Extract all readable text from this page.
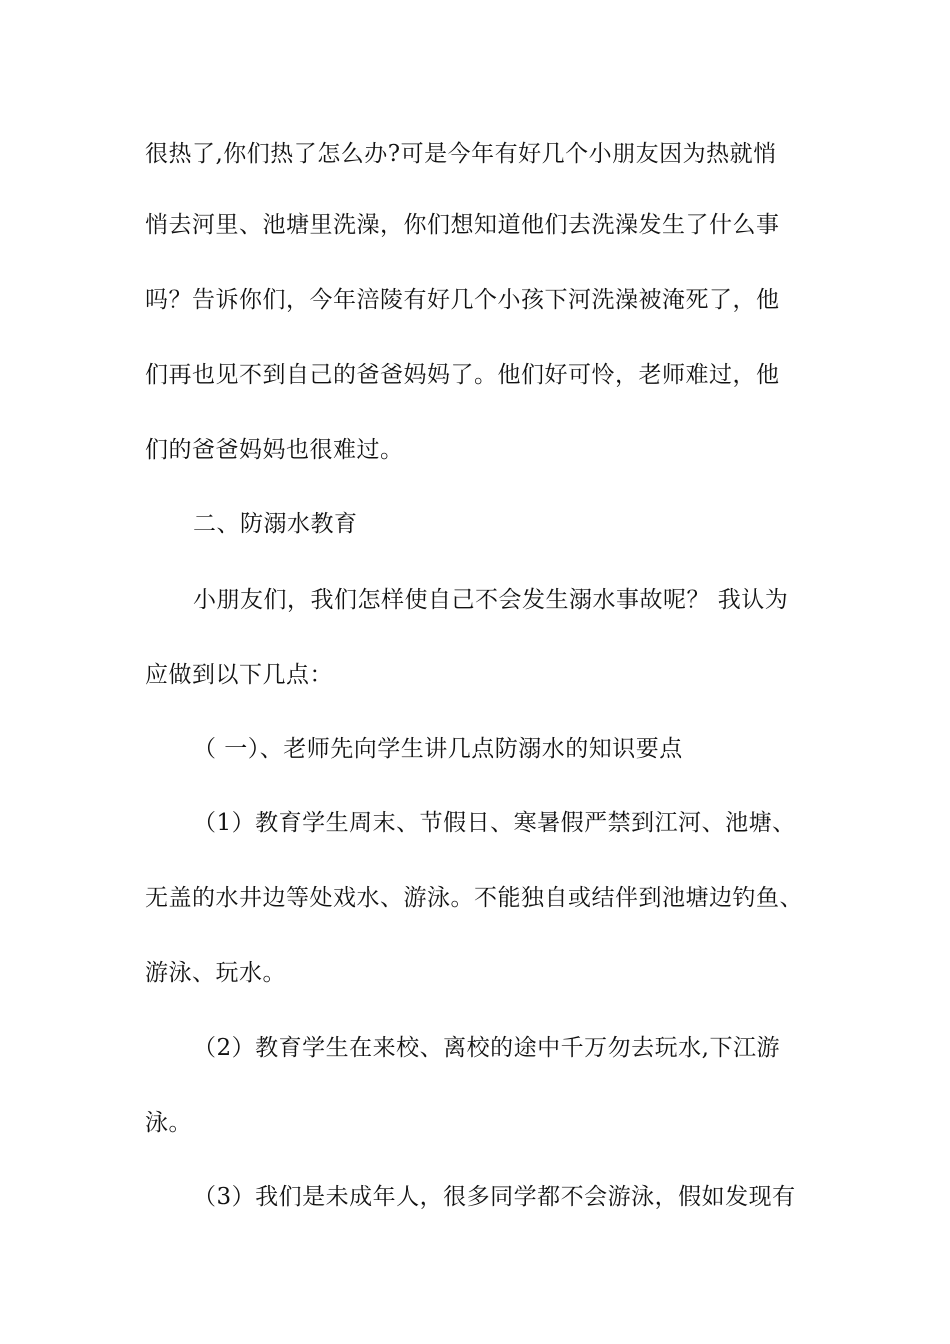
很热了,你们热了怎么办?可是今年有好几个小朋友因为热就悄
悄去河里、池塘里洗澡，你们想知道他们去洗澡发生了什么事
吗？告诉你们，今年涪陵有好几个小孩下河洗澡被淹死了，他
们再也见不到自己的爸爸妈妈了。他们好可怜，老师难过，他
们的爸爸妈妈也很难过。
二、防溺水教育
小朋友们，我们怎样使自己不会发生溺水事故呢？ 我认为
应做到以下几点：
（ 一）、老师先向学生讲几点防溺水的知识要点
（1）教育学生周末、节假日、寒暑假严禁到江河、池塘、
无盖的水井边等处戏水、游泳。不能独自或结伴到池塘边钓鱼、
游泳、玩水。
（2）教育学生在来校、离校的途中千万勿去玩水,下江游
泳。
（3）我们是未成年人，很多同学都不会游泳，假如发现有
